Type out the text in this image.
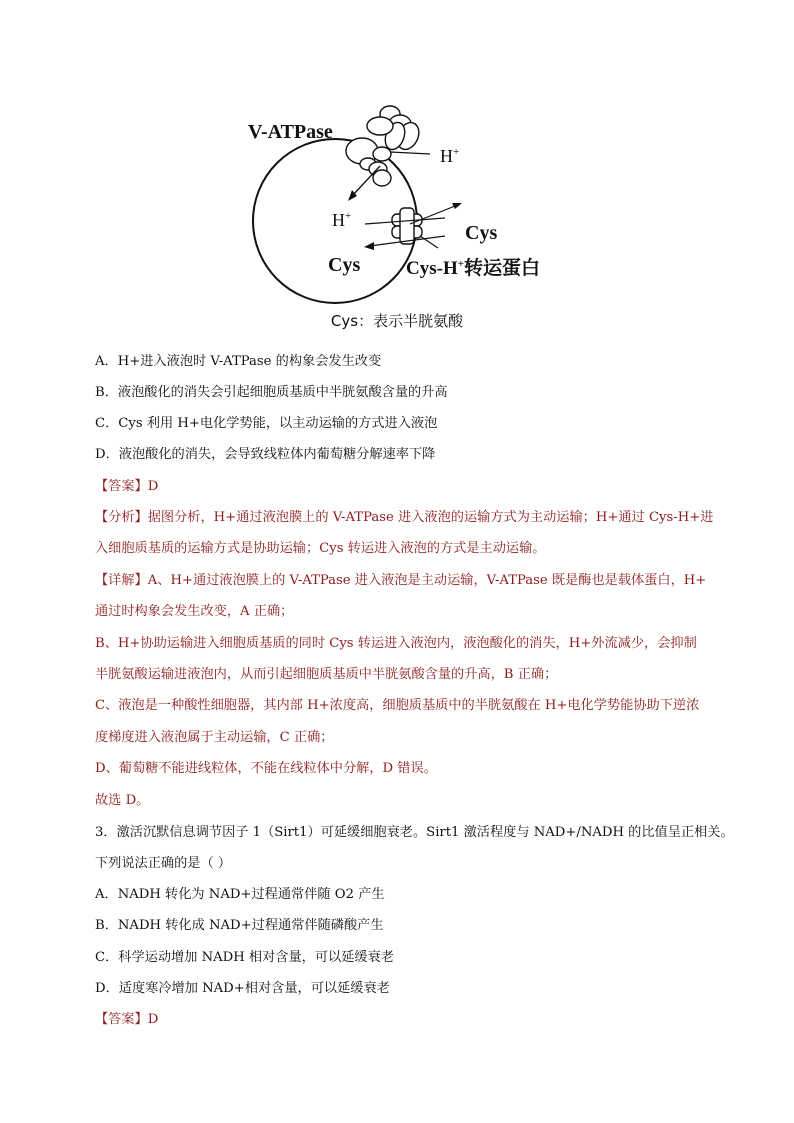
V-ATPase
H+
H+
Cys
Cys Cys-H+转运蛋白
Cys：表示半胱氨酸
A．H+进入液泡时 V-ATPase 的构象会发生改变
B．液泡酸化的消失会引起细胞质基质中半胱氨酸含量的升高
C．Cys 利用 H+电化学势能，以主动运输的方式进入液泡
D．液泡酸化的消失，会导致线粒体内葡萄糖分解速率下降
【答案】D
【分析】据图分析，H+通过液泡膜上的 V-ATPase 进入液泡的运输方式为主动运输；H+通过 Cys-H+进
入细胞质基质的运输方式是协助运输；Cys 转运进入液泡的方式是主动运输。
【详解】A、H+通过液泡膜上的 V-ATPase 进入液泡是主动运输，V-ATPase 既是酶也是载体蛋白，H+
通过时构象会发生改变，A 正确；
B、H+协助运输进入细胞质基质的同时 Cys 转运进入液泡内，液泡酸化的消失，H+外流减少，会抑制
半胱氨酸运输进液泡内，从而引起细胞质基质中半胱氨酸含量的升高，B 正确；
C、液泡是一种酸性细胞器，其内部 H+浓度高，细胞质基质中的半胱氨酸在 H+电化学势能协助下逆浓
度梯度进入液泡属于主动运输，C 正确；
D、葡萄糖不能进线粒体，不能在线粒体中分解，D 错误。
故选 D。
3．激活沉默信息调节因子 1（Sirt1）可延缓细胞衰老。Sirt1 激活程度与 NAD+/NADH 的比值呈正相关。
下列说法正确的是（ ）
A．NADH 转化为 NAD+过程通常伴随 O2 产生
B．NADH 转化成 NAD+过程通常伴随磷酸产生
C．科学运动增加 NADH 相对含量，可以延缓衰老
D．适度寒冷增加 NAD+相对含量，可以延缓衰老
【答案】D
